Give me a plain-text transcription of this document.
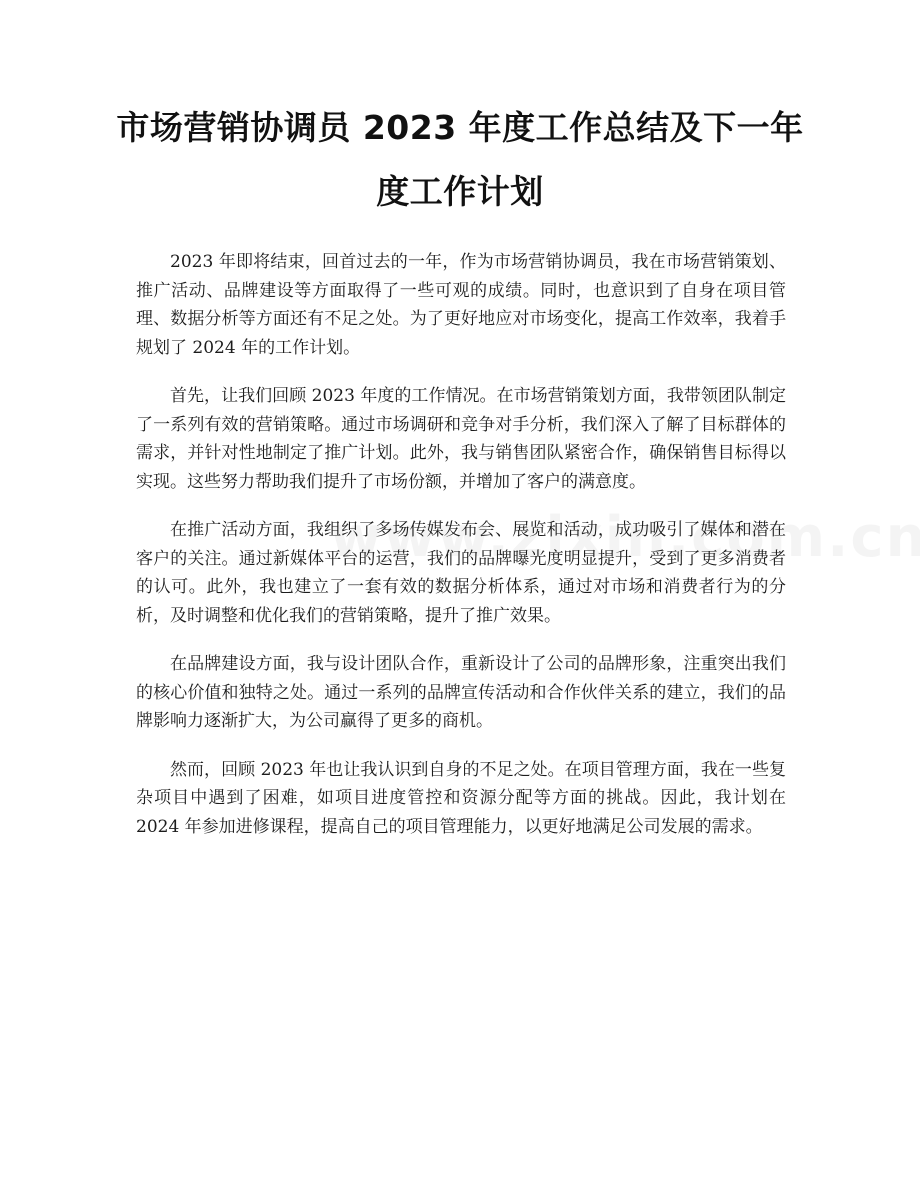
市场营销协调员 2023 年度工作总结及下一年度工作计划

2023 年即将结束，回首过去的一年，作为市场营销协调员，我在市场营销策划、推广活动、品牌建设等方面取得了一些可观的成绩。同时，也意识到了自身在项目管理、数据分析等方面还有不足之处。为了更好地应对市场变化，提高工作效率，我着手规划了 2024 年的工作计划。

首先，让我们回顾 2023 年度的工作情况。在市场营销策划方面，我带领团队制定了一系列有效的营销策略。通过市场调研和竞争对手分析，我们深入了解了目标群体的需求，并针对性地制定了推广计划。此外，我与销售团队紧密合作，确保销售目标得以实现。这些努力帮助我们提升了市场份额，并增加了客户的满意度。

在推广活动方面，我组织了多场传媒发布会、展览和活动，成功吸引了媒体和潜在客户的关注。通过新媒体平台的运营，我们的品牌曝光度明显提升，受到了更多消费者的认可。此外，我也建立了一套有效的数据分析体系，通过对市场和消费者行为的分析，及时调整和优化我们的营销策略，提升了推广效果。

在品牌建设方面，我与设计团队合作，重新设计了公司的品牌形象，注重突出我们的核心价值和独特之处。通过一系列的品牌宣传活动和合作伙伴关系的建立，我们的品牌影响力逐渐扩大，为公司赢得了更多的商机。

然而，回顾 2023 年也让我认识到自身的不足之处。在项目管理方面，我在一些复杂项目中遇到了困难，如项目进度管控和资源分配等方面的挑战。因此，我计划在 2024 年参加进修课程，提高自己的项目管理能力，以更好地满足公司发展的需求。
